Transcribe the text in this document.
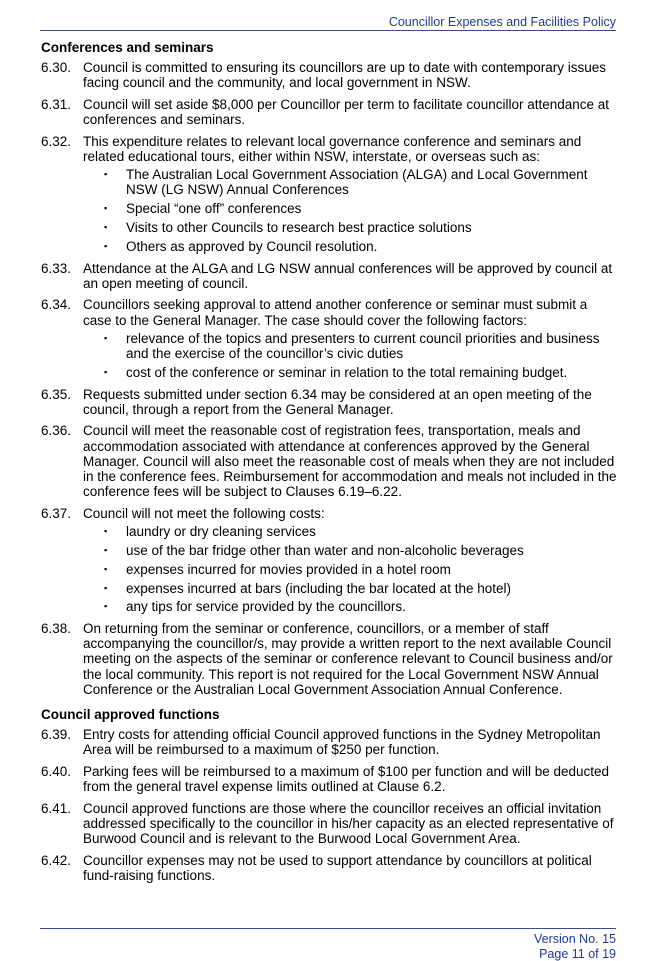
Councillor Expenses and Facilities Policy
Conferences and seminars
6.30. Council is committed to ensuring its councillors are up to date with contemporary issues facing council and the community, and local government in NSW.
6.31. Council will set aside $8,000 per Councillor per term to facilitate councillor attendance at conferences and seminars.
6.32. This expenditure relates to relevant local governance conference and seminars and related educational tours, either within NSW, interstate, or overseas such as:
▪	The Australian Local Government Association (ALGA) and Local Government NSW (LG NSW) Annual Conferences
▪	Special “one off” conferences
▪	Visits to other Councils to research best practice solutions
▪	Others as approved by Council resolution.
6.33. Attendance at the ALGA and LG NSW annual conferences will be approved by council at an open meeting of council.
6.34. Councillors seeking approval to attend another conference or seminar must submit a case to the General Manager. The case should cover the following factors:
▪	relevance of the topics and presenters to current council priorities and business and the exercise of the councillor’s civic duties
▪	cost of the conference or seminar in relation to the total remaining budget.
6.35. Requests submitted under section 6.34 may be considered at an open meeting of the council, through a report from the General Manager.
6.36. Council will meet the reasonable cost of registration fees, transportation, meals and accommodation associated with attendance at conferences approved by the General Manager. Council will also meet the reasonable cost of meals when they are not included in the conference fees. Reimbursement for accommodation and meals not included in the conference fees will be subject to Clauses 6.19–6.22.
6.37. Council will not meet the following costs:
▪	laundry or dry cleaning services
▪	use of the bar fridge other than water and non-alcoholic beverages
▪	expenses incurred for movies provided in a hotel room
▪	expenses incurred at bars (including the bar located at the hotel)
▪	any tips for service provided by the councillors.
6.38. On returning from the seminar or conference, councillors, or a member of staff accompanying the councillor/s, may provide a written report to the next available Council meeting on the aspects of the seminar or conference relevant to Council business and/or the local community. This report is not required for the Local Government NSW Annual Conference or the Australian Local Government Association Annual Conference.
Council approved functions
6.39. Entry costs for attending official Council approved functions in the Sydney Metropolitan Area will be reimbursed to a maximum of $250 per function.
6.40. Parking fees will be reimbursed to a maximum of $100 per function and will be deducted from the general travel expense limits outlined at Clause 6.2.
6.41. Council approved functions are those where the councillor receives an official invitation addressed specifically to the councillor in his/her capacity as an elected representative of Burwood Council and is relevant to the Burwood Local Government Area.
6.42. Councillor expenses may not be used to support attendance by councillors at political fund-raising functions.
Version No. 15
Page 11 of 19
